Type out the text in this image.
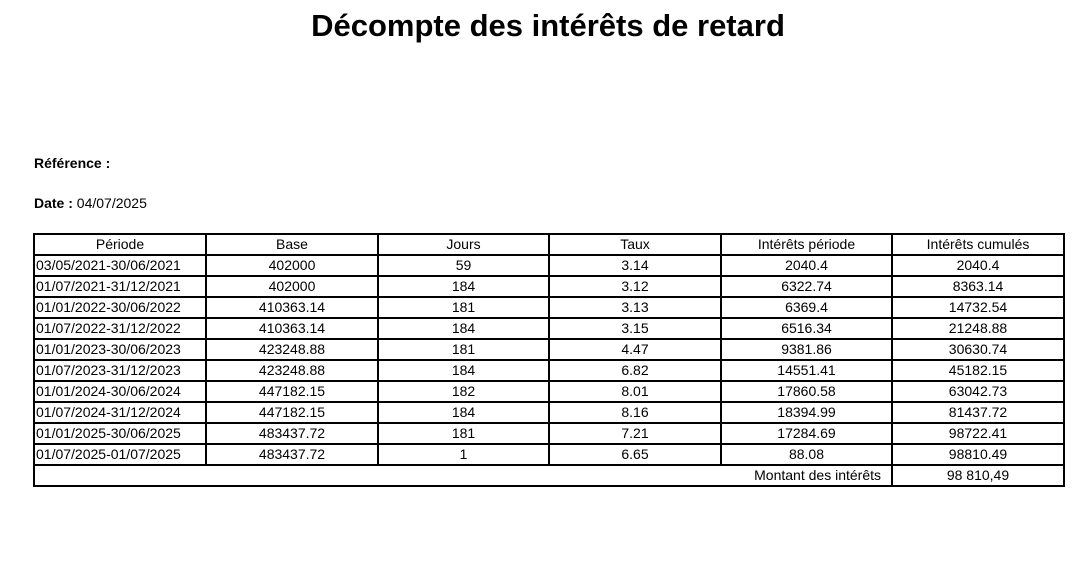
Décompte des intérêts de retard
Référence :
Date : 04/07/2025
Période	Base	Jours	Taux	Intérêts période	Intérêts cumulés
03/05/2021-30/06/2021	402000	59	3.14	2040.4	2040.4
01/07/2021-31/12/2021	402000	184	3.12	6322.74	8363.14
01/01/2022-30/06/2022	410363.14	181	3.13	6369.4	14732.54
01/07/2022-31/12/2022	410363.14	184	3.15	6516.34	21248.88
01/01/2023-30/06/2023	423248.88	181	4.47	9381.86	30630.74
01/07/2023-31/12/2023	423248.88	184	6.82	14551.41	45182.15
01/01/2024-30/06/2024	447182.15	182	8.01	17860.58	63042.73
01/07/2024-31/12/2024	447182.15	184	8.16	18394.99	81437.72
01/01/2025-30/06/2025	483437.72	181	7.21	17284.69	98722.41
01/07/2025-01/07/2025	483437.72	1	6.65	88.08	98810.49
Montant des intérêts					98 810,49
